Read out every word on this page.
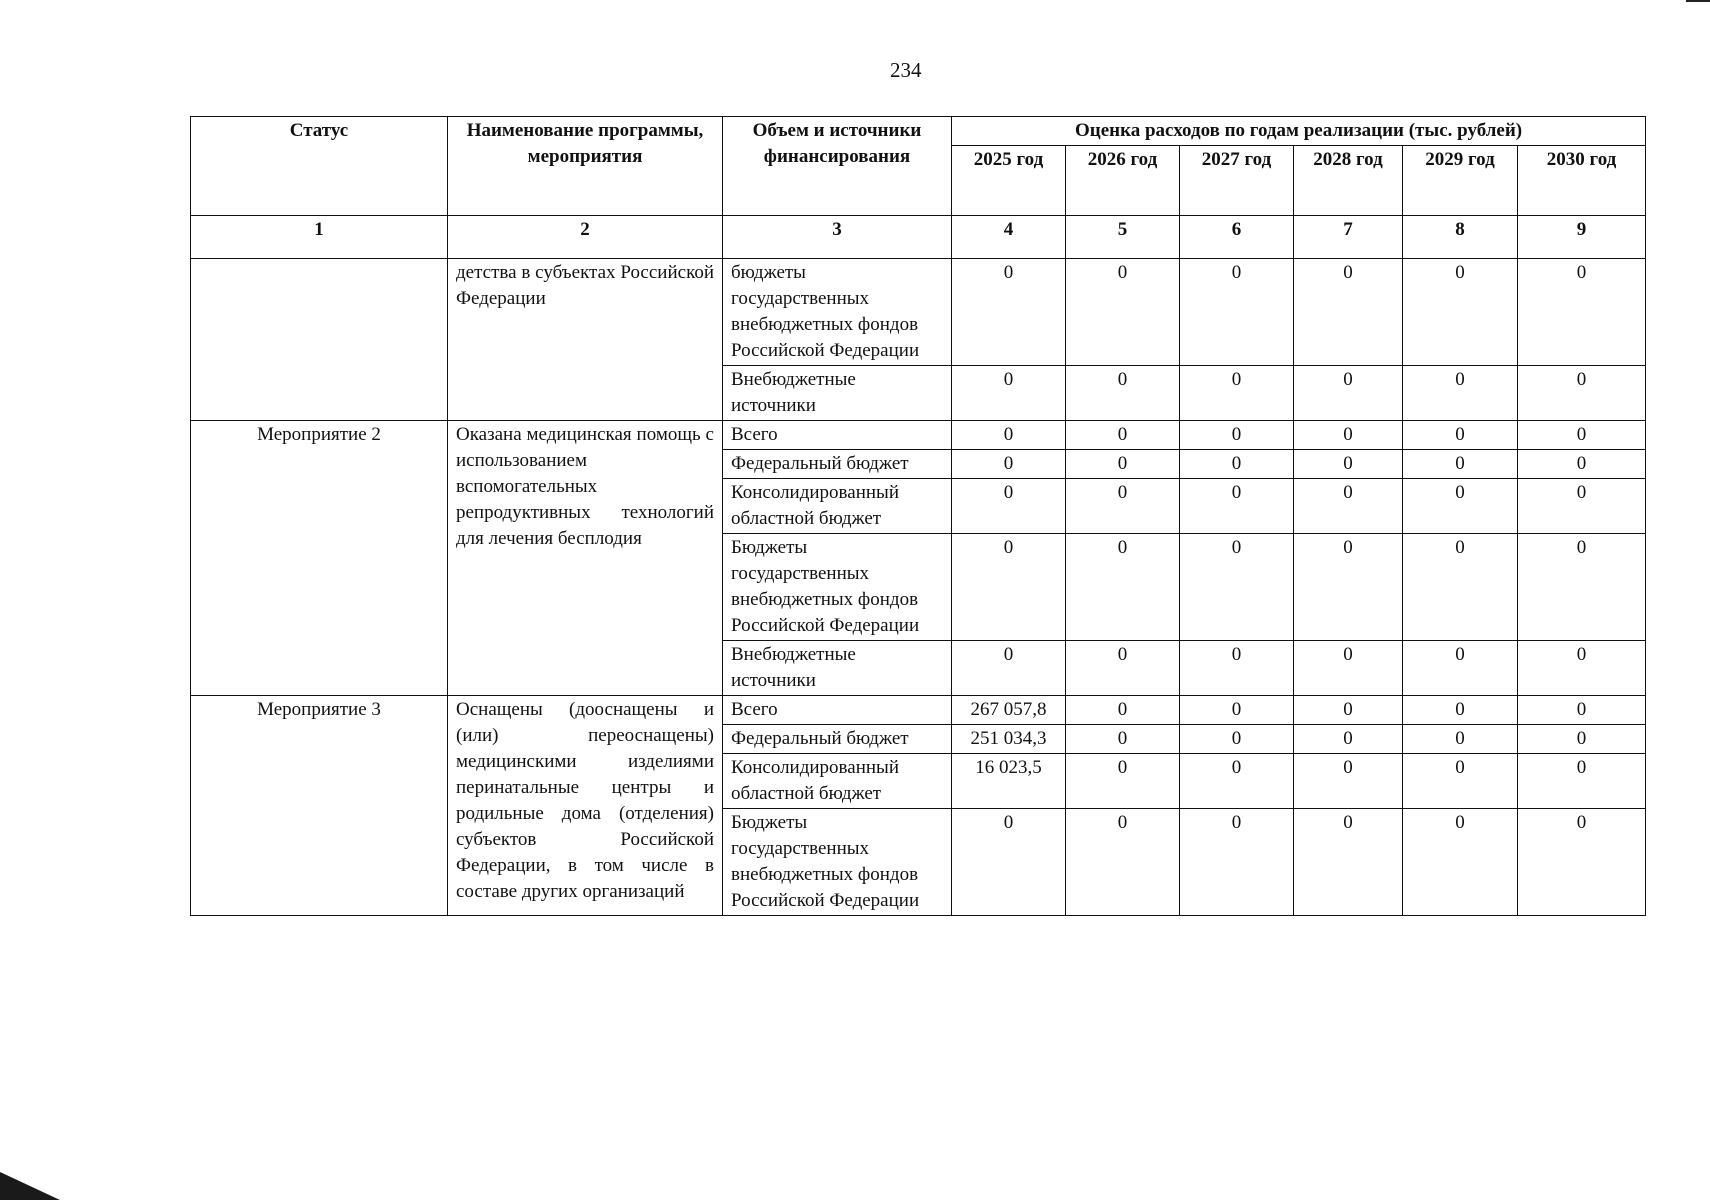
234
Статус	Наименование программы, мероприятия	Объем и источники финансирования	Оценка расходов по годам реализации (тыс. рублей)					
			2025 год	2026 год	2027 год	2028 год	2029 год	2030 год
1	2	3	4	5	6	7	8	9
	детства в субъектах Российской Федерации	бюджеты государственных внебюджетных фондов Российской Федерации	0	0	0	0	0	0
		Внебюджетные источники	0	0	0	0	0	0
Мероприятие 2	Оказана медицинская помощь с использованием вспомогательных репродуктивных технологий для лечения бесплодия	Всего	0	0	0	0	0	0
		Федеральный бюджет	0	0	0	0	0	0
		Консолидированный областной бюджет	0	0	0	0	0	0
		Бюджеты государственных внебюджетных фондов Российской Федерации	0	0	0	0	0	0
		Внебюджетные источники	0	0	0	0	0	0
Мероприятие 3	Оснащены (дооснащены и (или) переоснащены) медицинскими изделиями перинатальные центры и родильные дома (отделения) субъектов Российской Федерации, в том числе в составе других организаций	Всего	267 057,8	0	0	0	0	0
		Федеральный бюджет	251 034,3	0	0	0	0	0
		Консолидированный областной бюджет	16 023,5	0	0	0	0	0
		Бюджеты государственных внебюджетных фондов Российской Федерации	0	0	0	0	0	0
